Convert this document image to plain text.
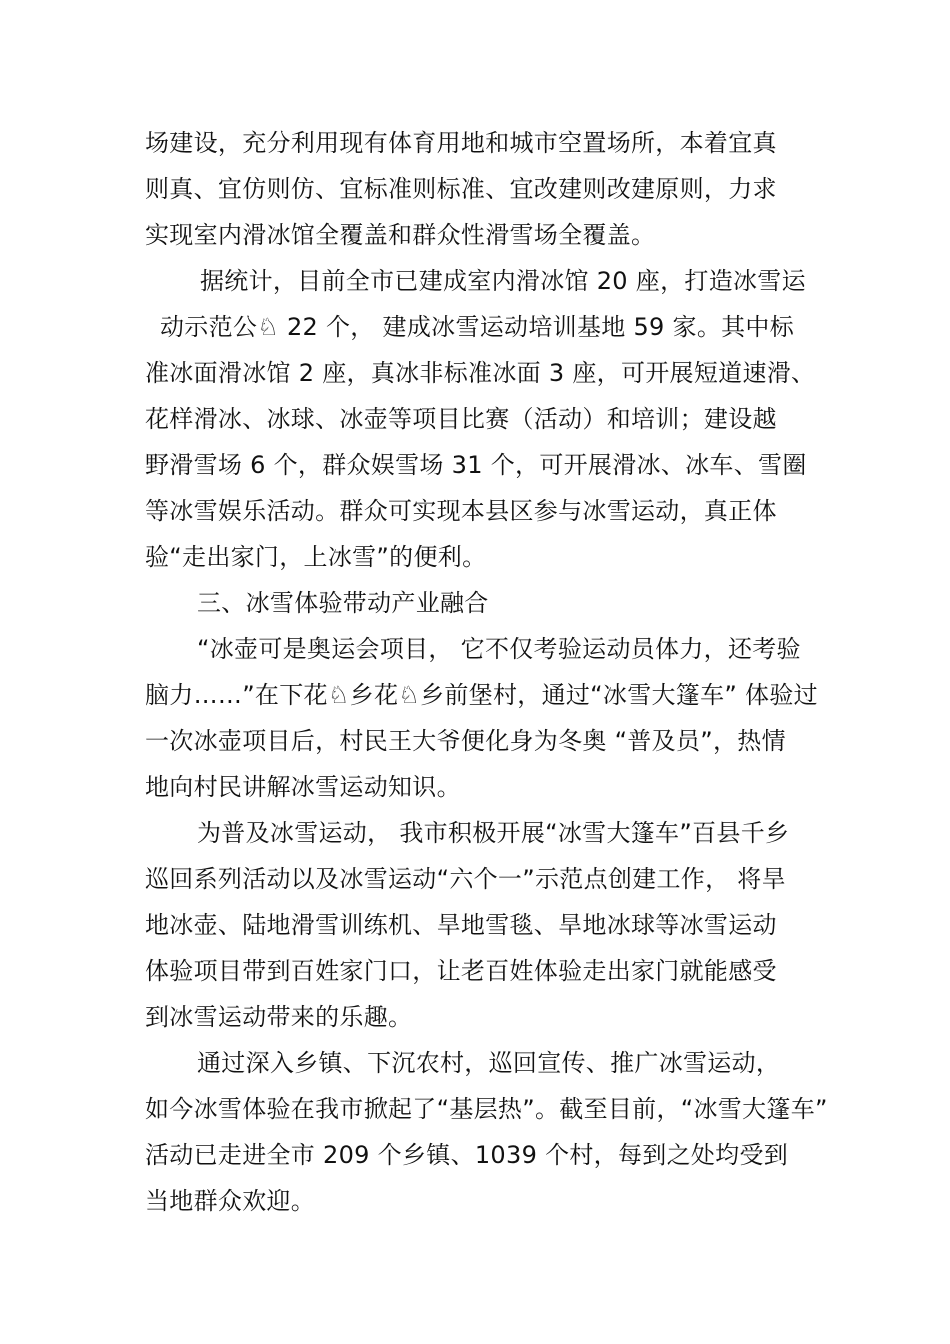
场建设，充分利用现有体育用地和城市空置场所，本着宜真
则真、宜仿则仿、宜标准则标准、宜改建则改建原则，力求
实现室内滑冰馆全覆盖和群众性滑雪场全覆盖。
据统计，目前全市已建成室内滑冰馆 20 座，打造冰雪运
动示范公♘ 22 个， 建成冰雪运动培训基地 59 家。其中标
准冰面滑冰馆 2 座，真冰非标准冰面 3 座，可开展短道速滑、
花样滑冰、冰球、冰壶等项目比赛（活动）和培训；建设越
野滑雪场 6 个，群众娱雪场 31 个，可开展滑冰、冰车、雪圈
等冰雪娱乐活动。群众可实现本县区参与冰雪运动，真正体
验“走出家门，上冰雪”的便利。
三、冰雪体验带动产业融合
“冰壶可是奥运会项目， 它不仅考验运动员体力，还考验
脑力……”在下花♘乡花♘乡前堡村，通过“冰雪大篷车” 体验过
一次冰壶项目后，村民王大爷便化身为冬奥 “普及员”，热情
地向村民讲解冰雪运动知识。
为普及冰雪运动， 我市积极开展“冰雪大篷车”百县千乡
巡回系列活动以及冰雪运动“六个一”示范点创建工作， 将旱
地冰壶、陆地滑雪训练机、旱地雪毯、旱地冰球等冰雪运动
体验项目带到百姓家门口，让老百姓体验走出家门就能感受
到冰雪运动带来的乐趣。
通过深入乡镇、下沉农村，巡回宣传、推广冰雪运动，
如今冰雪体验在我市掀起了“基层热”。截至目前，“冰雪大篷车”
活动已走进全市 209 个乡镇、1039 个村，每到之处均受到
当地群众欢迎。
